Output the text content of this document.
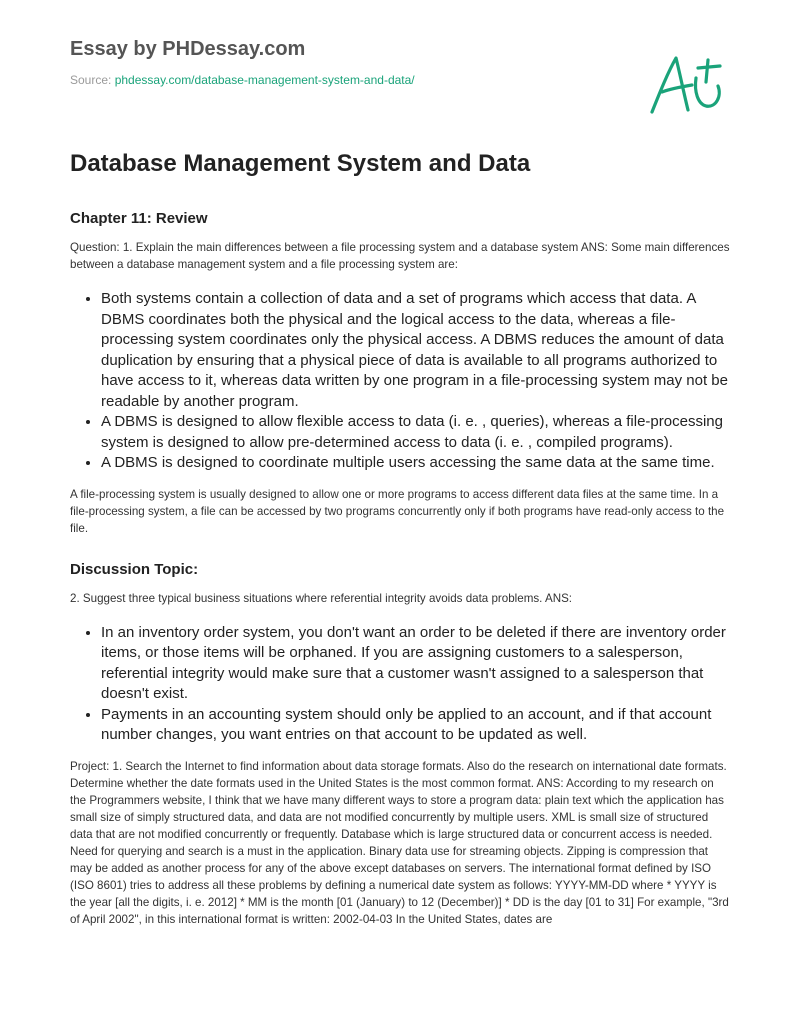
Essay by PHDessay.com
Source: phdessay.com/database-management-system-and-data/
Database Management System and Data
Chapter 11: Review

Question: 1. Explain the main differences between a file processing system and a database system ANS: Some main differences between a database management system and a file processing system are:

• Both systems contain a collection of data and a set of programs which access that data. A DBMS coordinates both the physical and the logical access to the data, whereas a file-processing system coordinates only the physical access. A DBMS reduces the amount of data duplication by ensuring that a physical piece of data is available to all programs authorized to have access to it, whereas data written by one program in a file-processing system may not be readable by another program.
• A DBMS is designed to allow flexible access to data (i. e. , queries), whereas a file-processing system is designed to allow pre-determined access to data (i. e. , compiled programs).
• A DBMS is designed to coordinate multiple users accessing the same data at the same time.

A file-processing system is usually designed to allow one or more programs to access different data files at the same time. In a file-processing system, a file can be accessed by two programs concurrently only if both programs have read-only access to the file.

Discussion Topic:

2. Suggest three typical business situations where referential integrity avoids data problems. ANS:

• In an inventory order system, you don't want an order to be deleted if there are inventory order items, or those items will be orphaned. If you are assigning customers to a salesperson, referential integrity would make sure that a customer wasn't assigned to a salesperson that doesn't exist.
• Payments in an accounting system should only be applied to an account, and if that account number changes, you want entries on that account to be updated as well.

Project: 1. Search the Internet to find information about data storage formats. Also do the research on international date formats. Determine whether the date formats used in the United States is the most common format. ANS: According to my research on the Programmers website, I think that we have many different ways to store a program data: plain text which the application has small size of simply structured data, and data are not modified concurrently by multiple users. XML is small size of structured data that are not modified concurrently or frequently. Database which is large structured data or concurrent access is needed. Need for querying and search is a must in the application. Binary data use for streaming objects. Zipping is compression that may be added as another process for any of the above except databases on servers. The international format defined by ISO (ISO 8601) tries to address all these problems by defining a numerical date system as follows: YYYY-MM-DD where * YYYY is the year [all the digits, i. e. 2012] * MM is the month [01 (January) to 12 (December)] * DD is the day [01 to 31] For example, "3rd of April 2002", in this international format is written: 2002-04-03 In the United States, dates are
